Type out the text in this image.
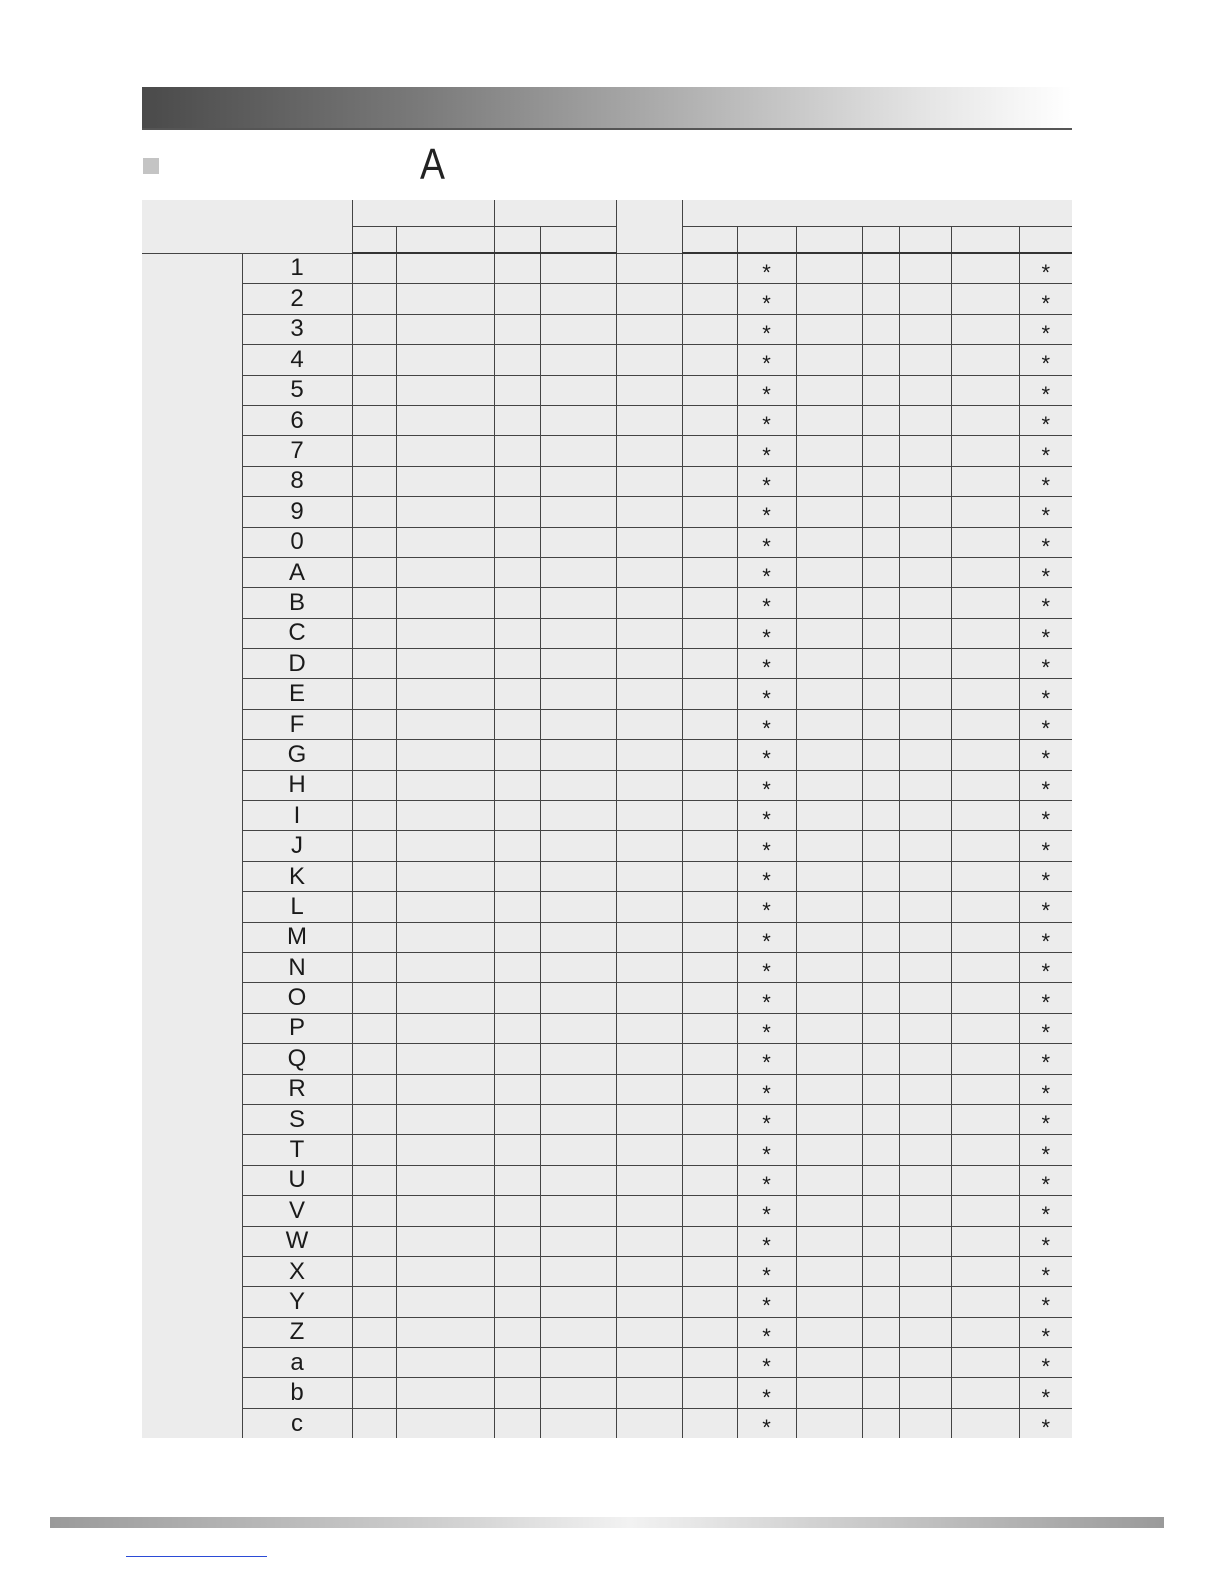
A

	1							*					*
	2							*					*
	3							*					*
	4							*					*
	5							*					*
	6							*					*
	7							*					*
	8							*					*
	9							*					*
	0							*					*
	A							*					*
	B							*					*
	C							*					*
	D							*					*
	E							*					*
	F							*					*
	G							*					*
	H							*					*
	I							*					*
	J							*					*
	K							*					*
	L							*					*
	M							*					*
	N							*					*
	O							*					*
	P							*					*
	Q							*					*
	R							*					*
	S							*					*
	T							*					*
	U							*					*
	V							*					*
	W							*					*
	X							*					*
	Y							*					*
	Z							*					*
	a							*					*
	b							*					*
	c							*					*
